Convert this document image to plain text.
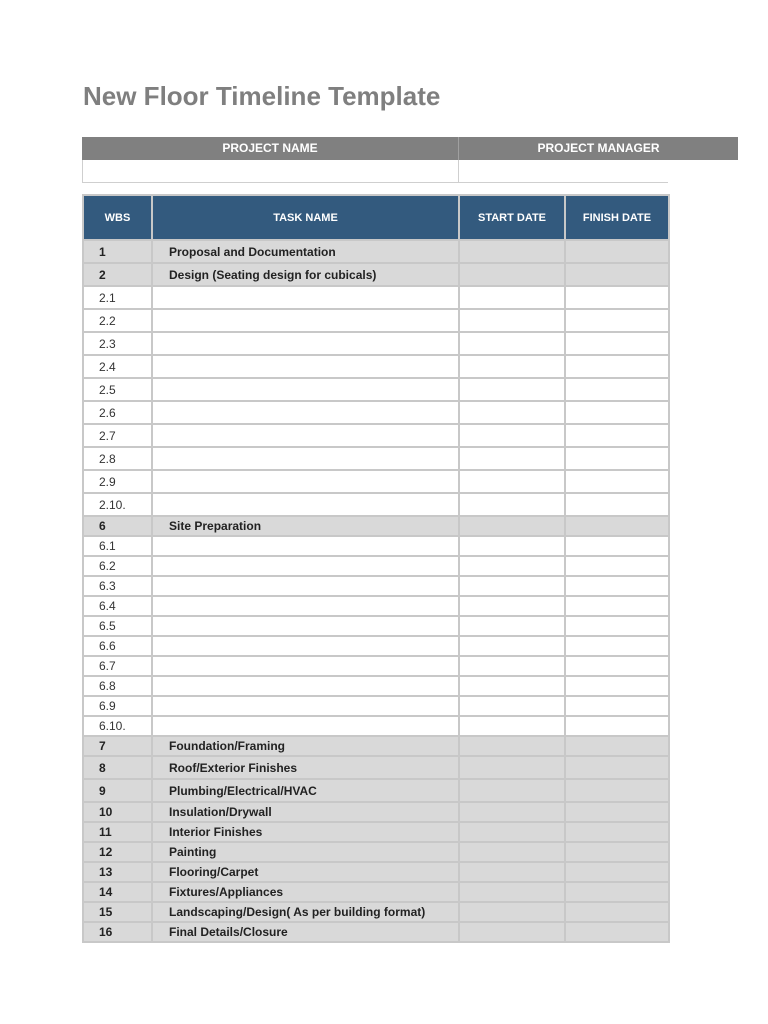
New Floor Timeline Template
PROJECT NAME	PROJECT MANAGER
WBS	TASK NAME	START DATE	FINISH DATE
1	Proposal and Documentation		
2	Design (Seating design for cubicals)		
2.1			
2.2			
2.3			
2.4			
2.5			
2.6			
2.7			
2.8			
2.9			
2.10.			
6	Site Preparation		
6.1			
6.2			
6.3			
6.4			
6.5			
6.6			
6.7			
6.8			
6.9			
6.10.			
7	Foundation/Framing		
8	Roof/Exterior Finishes		
9	Plumbing/Electrical/HVAC		
10	Insulation/Drywall		
11	Interior Finishes		
12	Painting		
13	Flooring/Carpet		
14	Fixtures/Appliances		
15	Landscaping/Design( As per building format)		
16	Final Details/Closure		
